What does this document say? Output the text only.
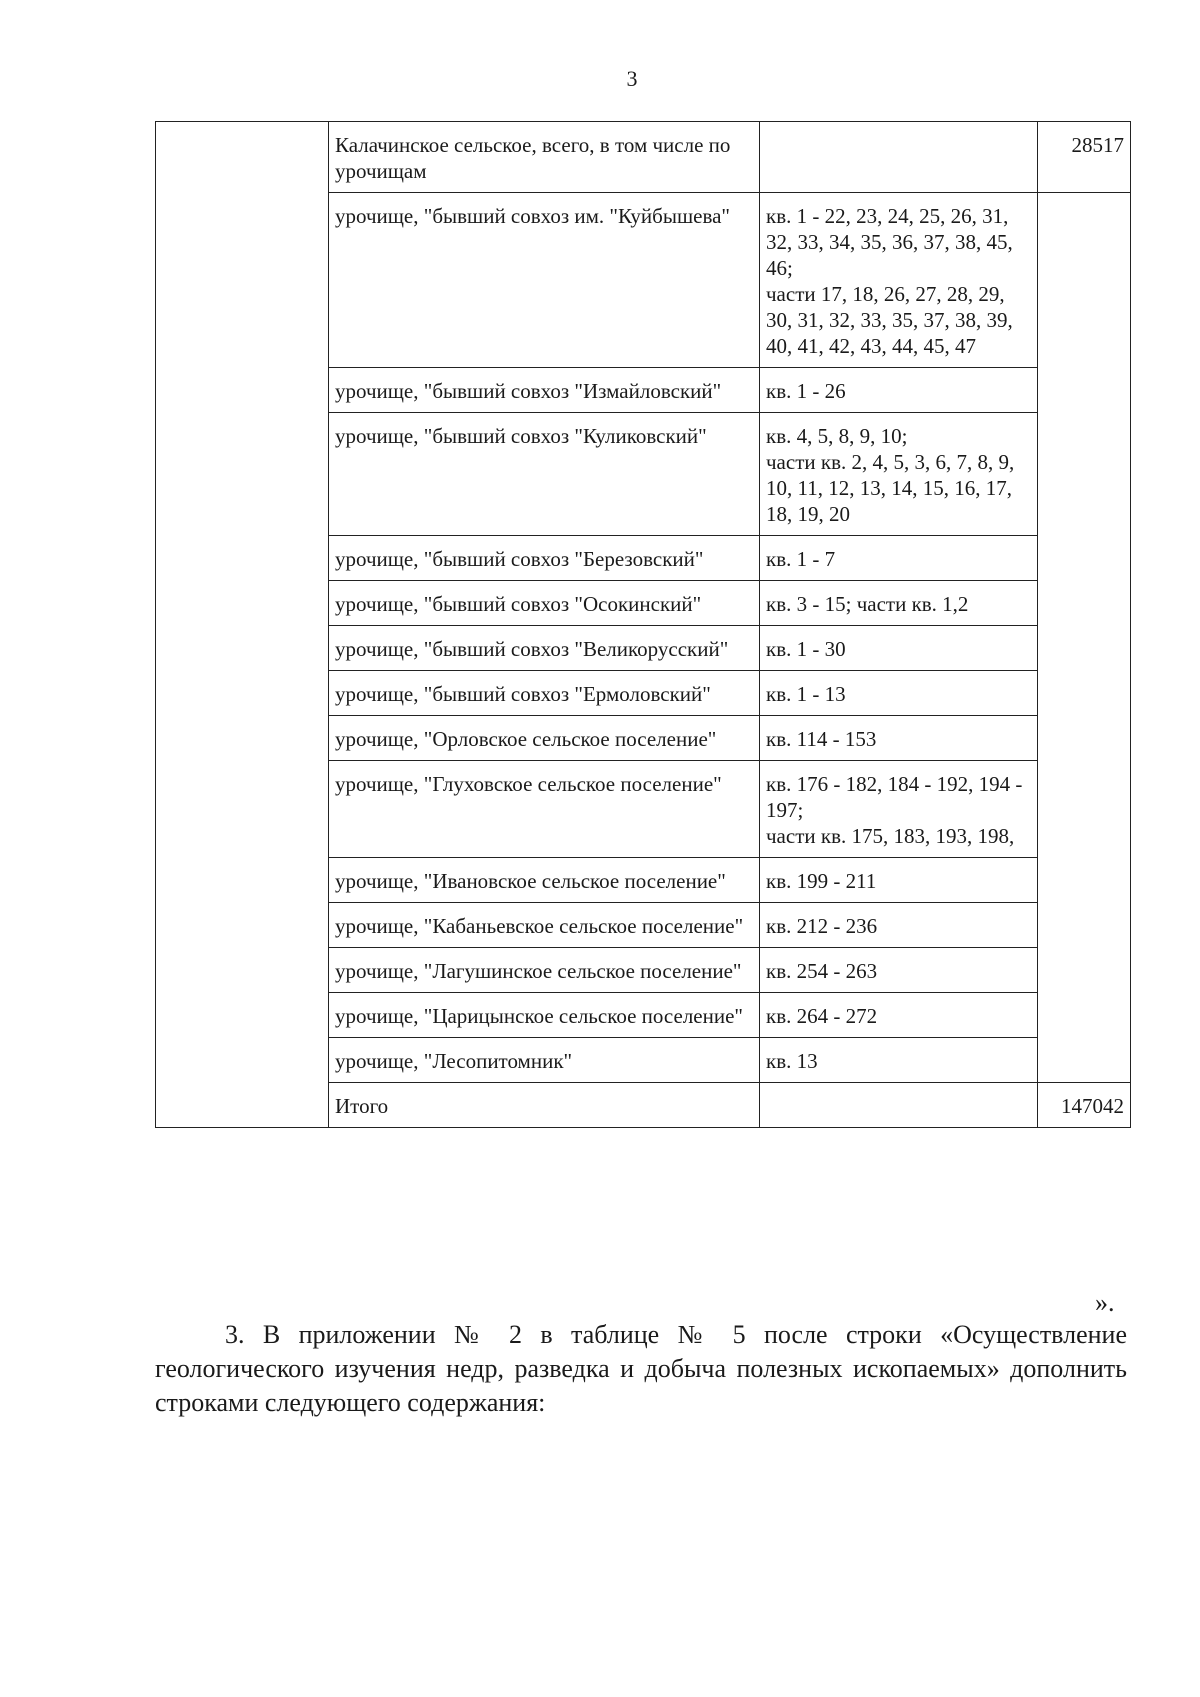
3
	Калачинское сельское, всего, в том числе по урочищам		28517
	урочище, "бывший совхоз им. "Куйбышева"	кв. 1 - 22, 23, 24, 25, 26, 31, 32, 33, 34, 35, 36, 37, 38, 45, 46;
части 17, 18, 26, 27, 28, 29, 30, 31, 32, 33, 35, 37, 38, 39, 40, 41, 42, 43, 44, 45, 47	
	урочище, "бывший совхоз "Измайловский"	кв. 1 - 26	
	урочище, "бывший совхоз "Куликовский"	кв. 4, 5, 8, 9, 10;
части кв. 2, 4, 5, 3, 6, 7, 8, 9, 10, 11, 12, 13, 14, 15, 16, 17, 18, 19, 20	
	урочище, "бывший совхоз "Березовский"	кв. 1 - 7	
	урочище, "бывший совхоз "Осокинский"	кв. 3 - 15; части кв. 1,2	
	урочище, "бывший совхоз "Великорусский"	кв. 1 - 30	
	урочище, "бывший совхоз "Ермоловский"	кв. 1 - 13	
	урочище, "Орловское сельское поселение"	кв. 114 - 153	
	урочище, "Глуховское сельское поселение"	кв. 176 - 182, 184 - 192, 194 - 197;
части кв. 175, 183, 193, 198,	
	урочище, "Ивановское сельское поселение"	кв. 199 - 211	
	урочище, "Кабаньевское сельское поселение"	кв. 212 - 236	
	урочище, "Лагушинское сельское поселение"	кв. 254 - 263	
	урочище, "Царицынское сельское поселение"	кв. 264 - 272	
	урочище, "Лесопитомник"	кв. 13	
	Итого		147042
».
3. В приложении № 2 в таблице № 5 после строки «Осуществление геологического изучения недр, разведка и добыча полезных ископаемых» дополнить строками следующего содержания:
